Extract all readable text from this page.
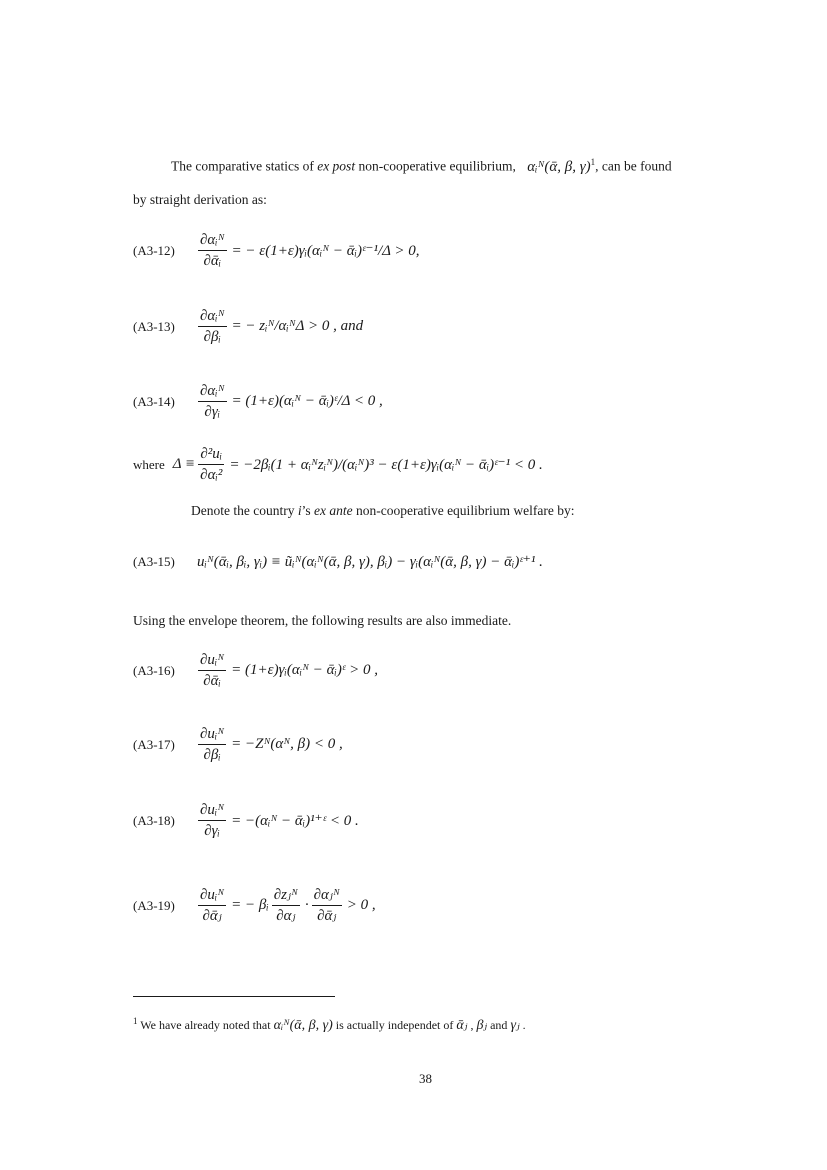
The comparative statics of ex post non-cooperative equilibrium, αᵢᴺ(ᾱ, β, γ)$^1$, can be found
by straight derivation as:
(A3-12)	$\frac{\text{∂αᵢᴺ}}{\text{∂ᾱᵢ}}$ = − ε(1+ε)γᵢ(αᵢᴺ − ᾱᵢ)ᵋ⁻¹/Δ > 0,
(A3-13)	$\frac{\text{∂αᵢᴺ}}{\text{∂βᵢ}}$ = − zᵢᴺ/αᵢᴺΔ > 0 , and
(A3-14)	$\frac{\text{∂αᵢᴺ}}{\text{∂γᵢ}}$ = (1+ε)(αᵢᴺ − ᾱᵢ)ᵋ/Δ < 0 ,
where $\Delta \equiv \frac{\text{∂²uᵢ}}{\text{∂αᵢ²}}$ = −2βᵢ(1 + αᵢᴺzᵢᴺ)/(αᵢᴺ)³ − ε(1+ε)γᵢ(αᵢᴺ − ᾱᵢ)ᵋ⁻¹ < 0 .
Denote the country i’s ex ante non-cooperative equilibrium welfare by:
(A3-15)	uᵢᴺ(ᾱᵢ, βᵢ, γᵢ) ≡ ũᵢᴺ(αᵢᴺ(ᾱ, β, γ), βᵢ) − γᵢ(αᵢᴺ(ᾱ, β, γ) − ᾱᵢ)ᵋ⁺¹ .
Using the envelope theorem, the following results are also immediate.
(A3-16)	$\frac{\text{∂uᵢᴺ}}{\text{∂ᾱᵢ}}$ = (1+ε)γᵢ(αᵢᴺ − ᾱᵢ)ᵋ > 0 ,
(A3-17)	$\frac{\text{∂uᵢᴺ}}{\text{∂βᵢ}}$ = −Zᴺ(αᴺ, β) < 0 ,
(A3-18)	$\frac{\text{∂uᵢᴺ}}{\text{∂γᵢ}}$ = −(αᵢᴺ − ᾱᵢ)¹⁺ᵋ < 0 .
(A3-19)	$\frac{\text{∂uᵢᴺ}}{\text{∂ᾱⱼ}}$ = − βᵢ $\frac{\text{∂zⱼᴺ}}{\text{∂αⱼ}} \cdot \frac{\text{∂αⱼᴺ}}{\text{∂ᾱⱼ}} > 0$ ,
$^1$ We have already noted that αᵢᴺ(ᾱ, β, γ) is actually independet of ᾱⱼ , βⱼ and γⱼ .
38
